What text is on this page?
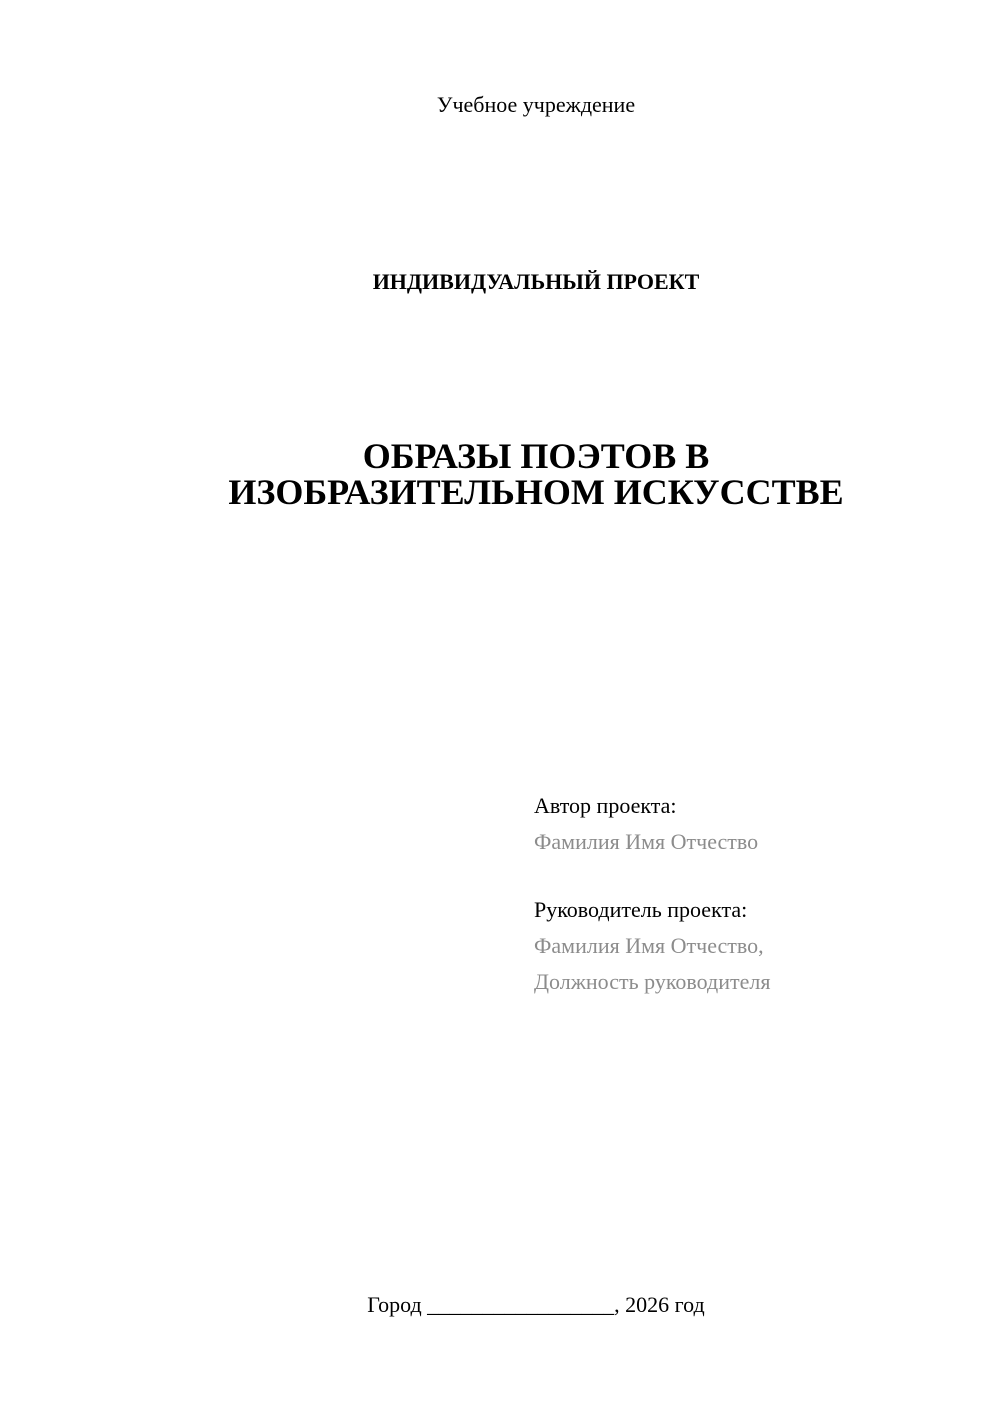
Учебное учреждение
ИНДИВИДУАЛЬНЫЙ ПРОЕКТ
ОБРАЗЫ ПОЭТОВ В
ИЗОБРАЗИТЕЛЬНОМ ИСКУССТВЕ
Автор проекта:
Фамилия Имя Отчество
Руководитель проекта:
Фамилия Имя Отчество,
Должность руководителя
Город _________________, 2026 год
